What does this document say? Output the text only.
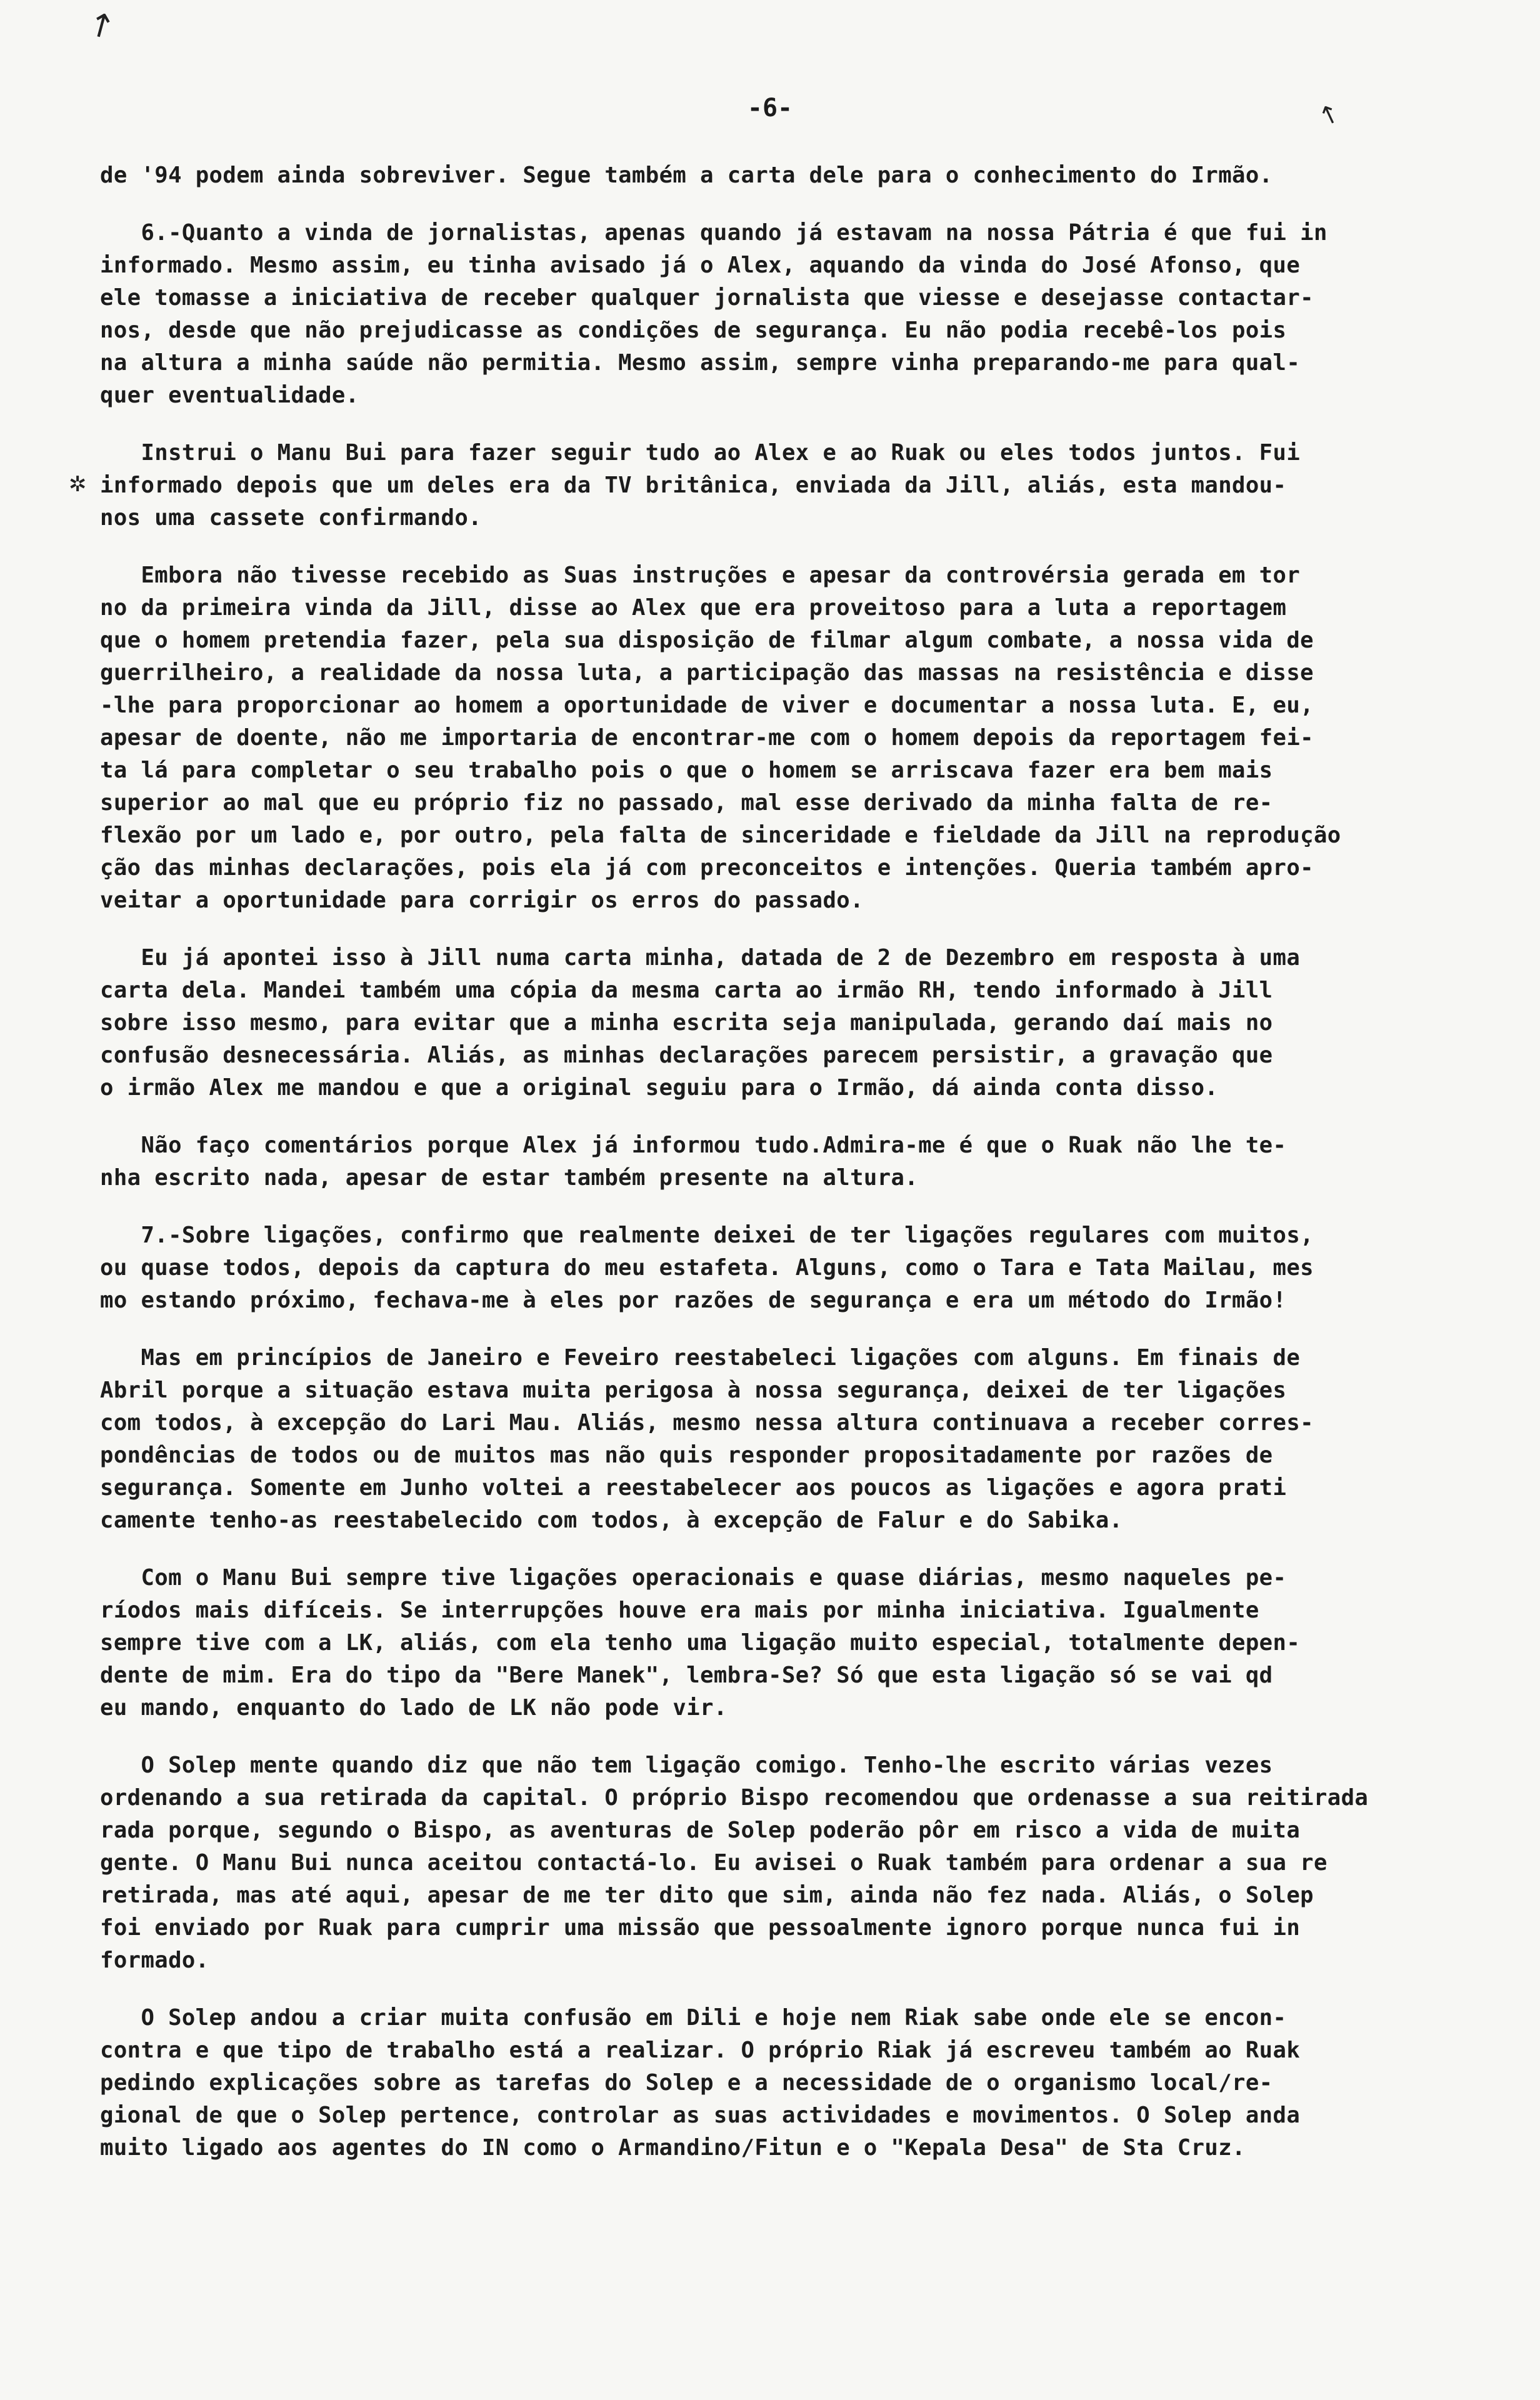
↗
↖
✲
-6-
de '94 podem ainda sobreviver. Segue também a carta dele para o conhecimento do Irmão.
6.-Quanto a vinda de jornalistas, apenas quando já estavam na nossa Pátria é que fui in
informado. Mesmo assim, eu tinha avisado já o Alex, aquando da vinda do José Afonso, que
ele tomasse a iniciativa de receber qualquer jornalista que viesse e desejasse contactar-
nos, desde que não prejudicasse as condições de segurança. Eu não podia recebê-los pois
na altura a minha saúde não permitia. Mesmo assim, sempre vinha preparando-me para qual-
quer eventualidade.
Instrui o Manu Bui para fazer seguir tudo ao Alex e ao Ruak ou eles todos juntos. Fui
informado depois que um deles era da TV britânica, enviada da Jill, aliás, esta mandou-
nos uma cassete confirmando.
Embora não tivesse recebido as Suas instruções e apesar da controvérsia gerada em tor
no da primeira vinda da Jill, disse ao Alex que era proveitoso para a luta a reportagem
que o homem pretendia fazer, pela sua disposição de filmar algum combate, a nossa vida de
guerrilheiro, a realidade da nossa luta, a participação das massas na resistência e disse
-lhe para proporcionar ao homem a oportunidade de viver e documentar a nossa luta. E, eu,
apesar de doente, não me importaria de encontrar-me com o homem depois da reportagem fei-
ta lá para completar o seu trabalho pois o que o homem se arriscava fazer era bem mais
superior ao mal que eu próprio fiz no passado, mal esse derivado da minha falta de re-
flexão por um lado e, por outro, pela falta de sinceridade e fieldade da Jill na reprodução
ção das minhas declarações, pois ela já com preconceitos e intenções. Queria também apro-
veitar a oportunidade para corrigir os erros do passado.
Eu já apontei isso à Jill numa carta minha, datada de 2 de Dezembro em resposta à uma
carta dela. Mandei também uma cópia da mesma carta ao irmão RH, tendo informado à Jill
sobre isso mesmo, para evitar que a minha escrita seja manipulada, gerando daí mais no
confusão desnecessária. Aliás, as minhas declarações parecem persistir, a gravação que
o irmão Alex me mandou e que a original seguiu para o Irmão, dá ainda conta disso.
Não faço comentários porque Alex já informou tudo.Admira-me é que o Ruak não lhe te-
nha escrito nada, apesar de estar também presente na altura.
7.-Sobre ligações, confirmo que realmente deixei de ter ligações regulares com muitos,
ou quase todos, depois da captura do meu estafeta. Alguns, como o Tara e Tata Mailau, mes
mo estando próximo, fechava-me à eles por razões de segurança e era um método do Irmão!
Mas em princípios de Janeiro e Feveiro reestabeleci ligações com alguns. Em finais de
Abril porque a situação estava muita perigosa à nossa segurança, deixei de ter ligações
com todos, à excepção do Lari Mau. Aliás, mesmo nessa altura continuava a receber corres-
pondências de todos ou de muitos mas não quis responder propositadamente por razões de
segurança. Somente em Junho voltei a reestabelecer aos poucos as ligações e agora prati
camente tenho-as reestabelecido com todos, à excepção de Falur e do Sabika.
Com o Manu Bui sempre tive ligações operacionais e quase diárias, mesmo naqueles pe-
ríodos mais difíceis. Se interrupções houve era mais por minha iniciativa. Igualmente
sempre tive com a LK, aliás, com ela tenho uma ligação muito especial, totalmente depen-
dente de mim. Era do tipo da "Bere Manek", lembra-Se? Só que esta ligação só se vai qd
eu mando, enquanto do lado de LK não pode vir.
O Solep mente quando diz que não tem ligação comigo. Tenho-lhe escrito várias vezes
ordenando a sua retirada da capital. O próprio Bispo recomendou que ordenasse a sua reitirada
rada porque, segundo o Bispo, as aventuras de Solep poderão pôr em risco a vida de muita
gente. O Manu Bui nunca aceitou contactá-lo. Eu avisei o Ruak também para ordenar a sua re
retirada, mas até aqui, apesar de me ter dito que sim, ainda não fez nada. Aliás, o Solep
foi enviado por Ruak para cumprir uma missão que pessoalmente ignoro porque nunca fui in
formado.
O Solep andou a criar muita confusão em Dili e hoje nem Riak sabe onde ele se encon-
contra e que tipo de trabalho está a realizar. O próprio Riak já escreveu também ao Ruak
pedindo explicações sobre as tarefas do Solep e a necessidade de o organismo local/re-
gional de que o Solep pertence, controlar as suas actividades e movimentos. O Solep anda
muito ligado aos agentes do IN como o Armandino/Fitun e o "Kepala Desa" de Sta Cruz.
